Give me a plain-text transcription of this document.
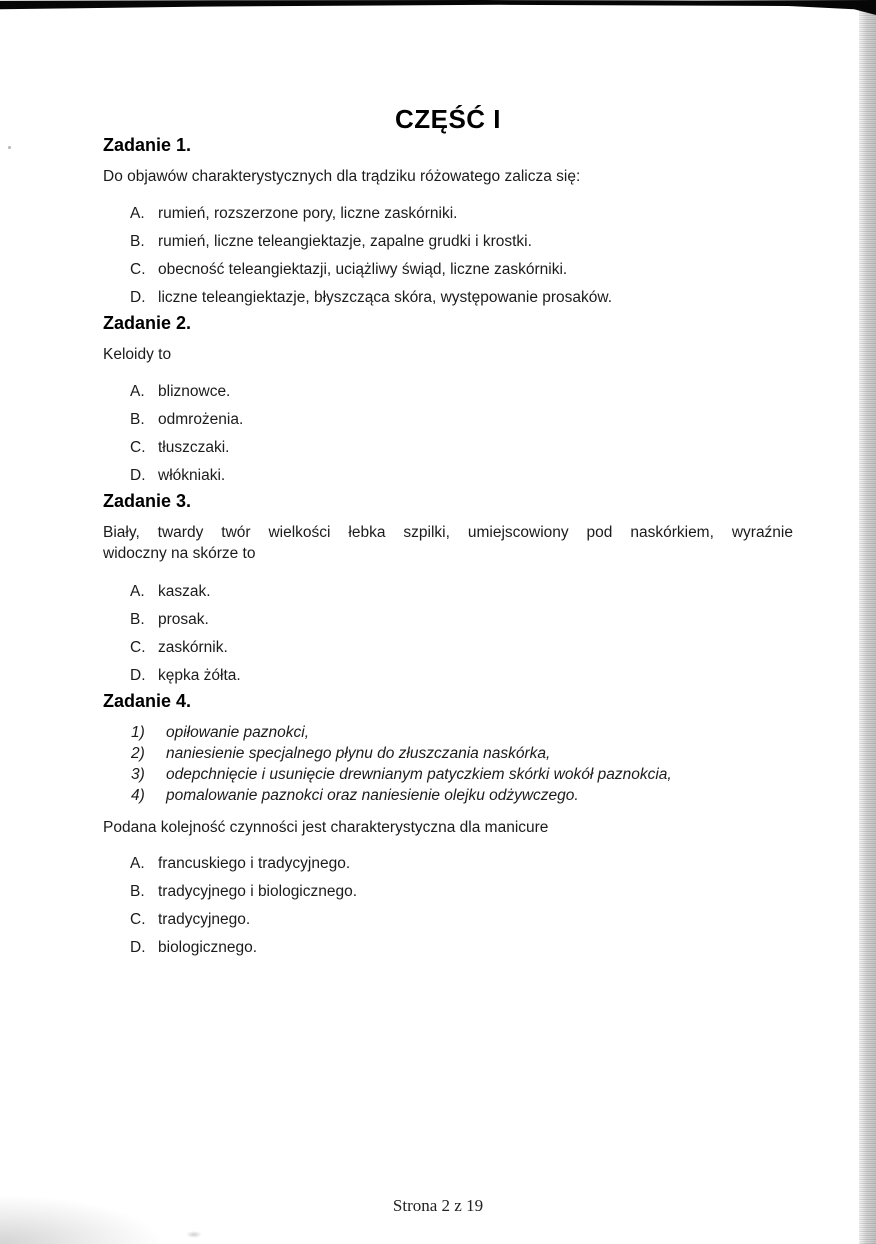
CZĘŚĆ I
Zadanie 1.

Do objawów charakterystycznych dla trądziku różowatego zalicza się:

A. rumień, rozszerzone pory, liczne zaskórniki.
B. rumień, liczne teleangiektazje, zapalne grudki i krostki.
C. obecność teleangiektazji, uciążliwy świąd, liczne zaskórniki.
D. liczne teleangiektazje, błyszcząca skóra, występowanie prosaków.
Zadanie 2.

Keloidy to

A. bliznowce.
B. odmrożenia.
C. tłuszczaki.
D. włókniaki.
Zadanie 3.

Biały, twardy twór wielkości łebka szpilki, umiejscowiony pod naskórkiem, wyraźnie
widoczny na skórze to

A. kaszak.
B. prosak.
C. zaskórnik.
D. kępka żółta.
Zadanie 4.
1)	opiłowanie paznokci,
2)	naniesienie specjalnego płynu do złuszczania naskórka,
3)	odepchnięcie i usunięcie drewnianym patyczkiem skórki wokół paznokcia,
4)	pomalowanie paznokci oraz naniesienie olejku odżywczego.

Podana kolejność czynności jest charakterystyczna dla manicure

A. francuskiego i tradycyjnego.
B. tradycyjnego i biologicznego.
C. tradycyjnego.
D. biologicznego.
Strona 2 z 19
